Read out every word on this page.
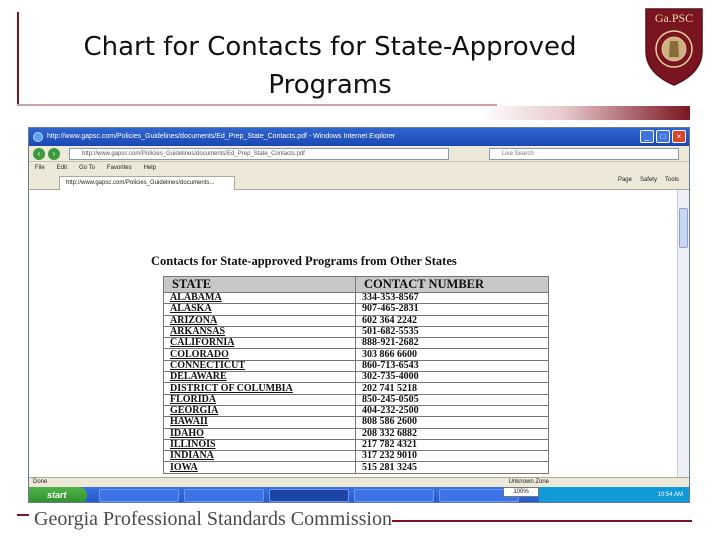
Chart for Contacts for State-Approved Programs
Ga.PSC
http://www.gapsc.com/Policies_Guidelines/documents/Ed_Prep_State_Contacts.pdf - Windows Internet Explorer	_	□	×
‹	›	http://www.gapsc.com/Policies_Guidelines/documents/Ed_Prep_State_Contacts.pdf	Live Search
File Edit Go To Favorites Help
http://www.gapsc.com/Policies_Guidelines/documents...	Page Safety Tools
Contacts for State-approved Programs from Other States
STATE	CONTACT NUMBER
ALABAMA	334-353-8567
ALASKA	907-465-2831
ARIZONA	602 364 2242
ARKANSAS	501-682-5535
CALIFORNIA	888-921-2682
COLORADO	303 866 6600
CONNECTICUT	860-713-6543
DELAWARE	302-735-4000
DISTRICT OF COLUMBIA	202 741 5218
FLORIDA	850-245-0505
GEORGIA	404-232-2500
HAWAII	808 586 2600
IDAHO	208 332 6882
ILLINOIS	217 782 4321
INDIANA	317 232 9010
IOWA	515 281 3245
Done	Unknown Zone
start	100%	10:54 AM
Georgia Professional Standards Commission
